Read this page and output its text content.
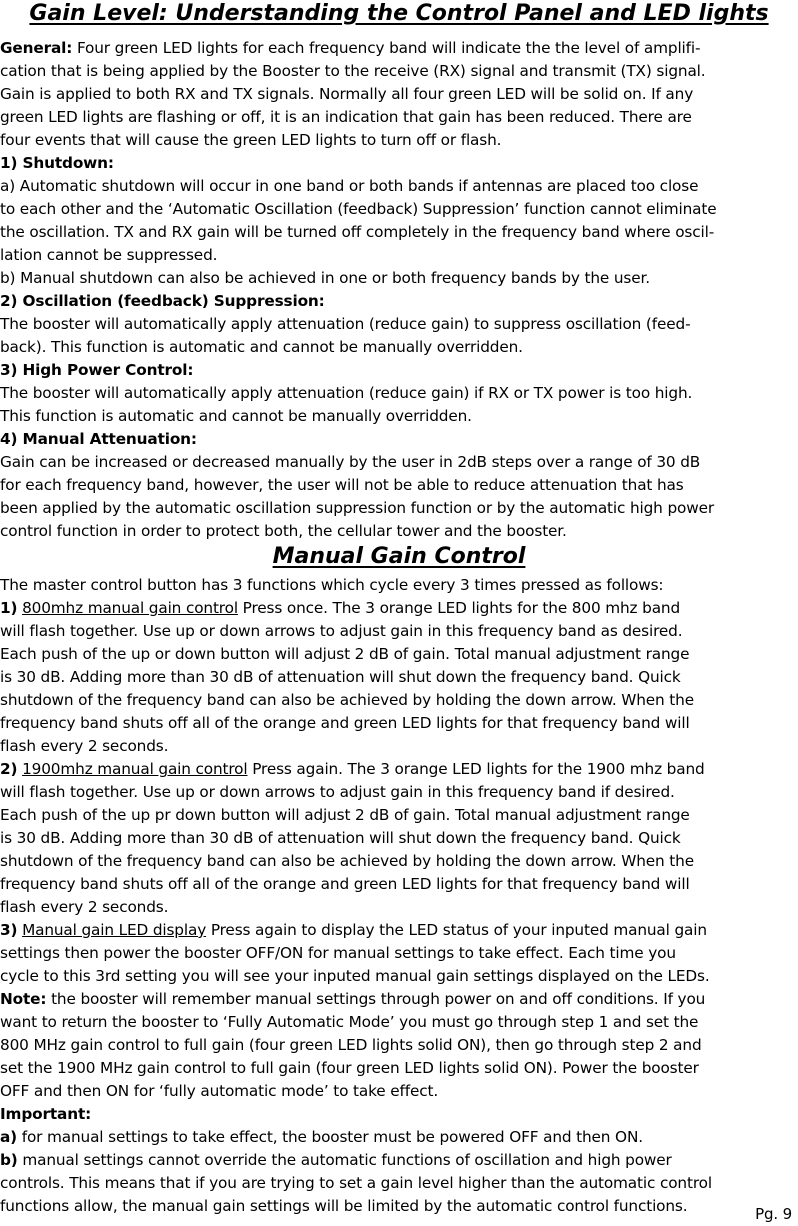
Gain Level: Understanding the Control Panel and LED lights
General: Four green LED lights for each frequency band will indicate the the level of amplifi-
cation that is being applied by the Booster to the receive (RX) signal and transmit (TX) signal.
Gain is applied to both RX and TX signals. Normally all four green LED will be solid on. If any
green LED lights are flashing or off, it is an indication that gain has been reduced. There are
four events that will cause the green LED lights to turn off or flash.
1) Shutdown:
a) Automatic shutdown will occur in one band or both bands if antennas are placed too close
to each other and the ‘Automatic Oscillation (feedback) Suppression’ function cannot eliminate
the oscillation. TX and RX gain will be turned off completely in the frequency band where oscil-
lation cannot be suppressed.
b) Manual shutdown can also be achieved in one or both frequency bands by the user.
2) Oscillation (feedback) Suppression:
The booster will automatically apply attenuation (reduce gain) to suppress oscillation (feed-
back). This function is automatic and cannot be manually overridden.
3) High Power Control:
The booster will automatically apply attenuation (reduce gain) if RX or TX power is too high.
This function is automatic and cannot be manually overridden.
4) Manual Attenuation:
Gain can be increased or decreased manually by the user in 2dB steps over a range of 30 dB
for each frequency band, however, the user will not be able to reduce attenuation that has
been applied by the automatic oscillation suppression function or by the automatic high power
control function in order to protect both, the cellular tower and the booster.
Manual Gain Control
The master control button has 3 functions which cycle every 3 times pressed as follows:
1) 800mhz manual gain control Press once. The 3 orange LED lights for the 800 mhz band
will flash together. Use up or down arrows to adjust gain in this frequency band as desired.
Each push of the up or down button will adjust 2 dB of gain. Total manual adjustment range
is 30 dB. Adding more than 30 dB of attenuation will shut down the frequency band. Quick
shutdown of the frequency band can also be achieved by holding the down arrow. When the
frequency band shuts off all of the orange and green LED lights for that frequency band will
flash every 2 seconds.
2) 1900mhz manual gain control Press again. The 3 orange LED lights for the 1900 mhz band
will flash together. Use up or down arrows to adjust gain in this frequency band if desired.
Each push of the up pr down button will adjust 2 dB of gain. Total manual adjustment range
is 30 dB. Adding more than 30 dB of attenuation will shut down the frequency band. Quick
shutdown of the frequency band can also be achieved by holding the down arrow. When the
frequency band shuts off all of the orange and green LED lights for that frequency band will
flash every 2 seconds.
3) Manual gain LED display Press again to display the LED status of your inputed manual gain
settings then power the booster OFF/ON for manual settings to take effect. Each time you
cycle to this 3rd setting you will see your inputed manual gain settings displayed on the LEDs.
Note: the booster will remember manual settings through power on and off conditions. If you
want to return the booster to ‘Fully Automatic Mode’ you must go through step 1 and set the
800 MHz gain control to full gain (four green LED lights solid ON), then go through step 2 and
set the 1900 MHz gain control to full gain (four green LED lights solid ON). Power the booster
OFF and then ON for ‘fully automatic mode’ to take effect.
Important:
a) for manual settings to take effect, the booster must be powered OFF and then ON.
b) manual settings cannot override the automatic functions of oscillation and high power
controls. This means that if you are trying to set a gain level higher than the automatic control
functions allow, the manual gain settings will be limited by the automatic control functions.	Pg. 9
